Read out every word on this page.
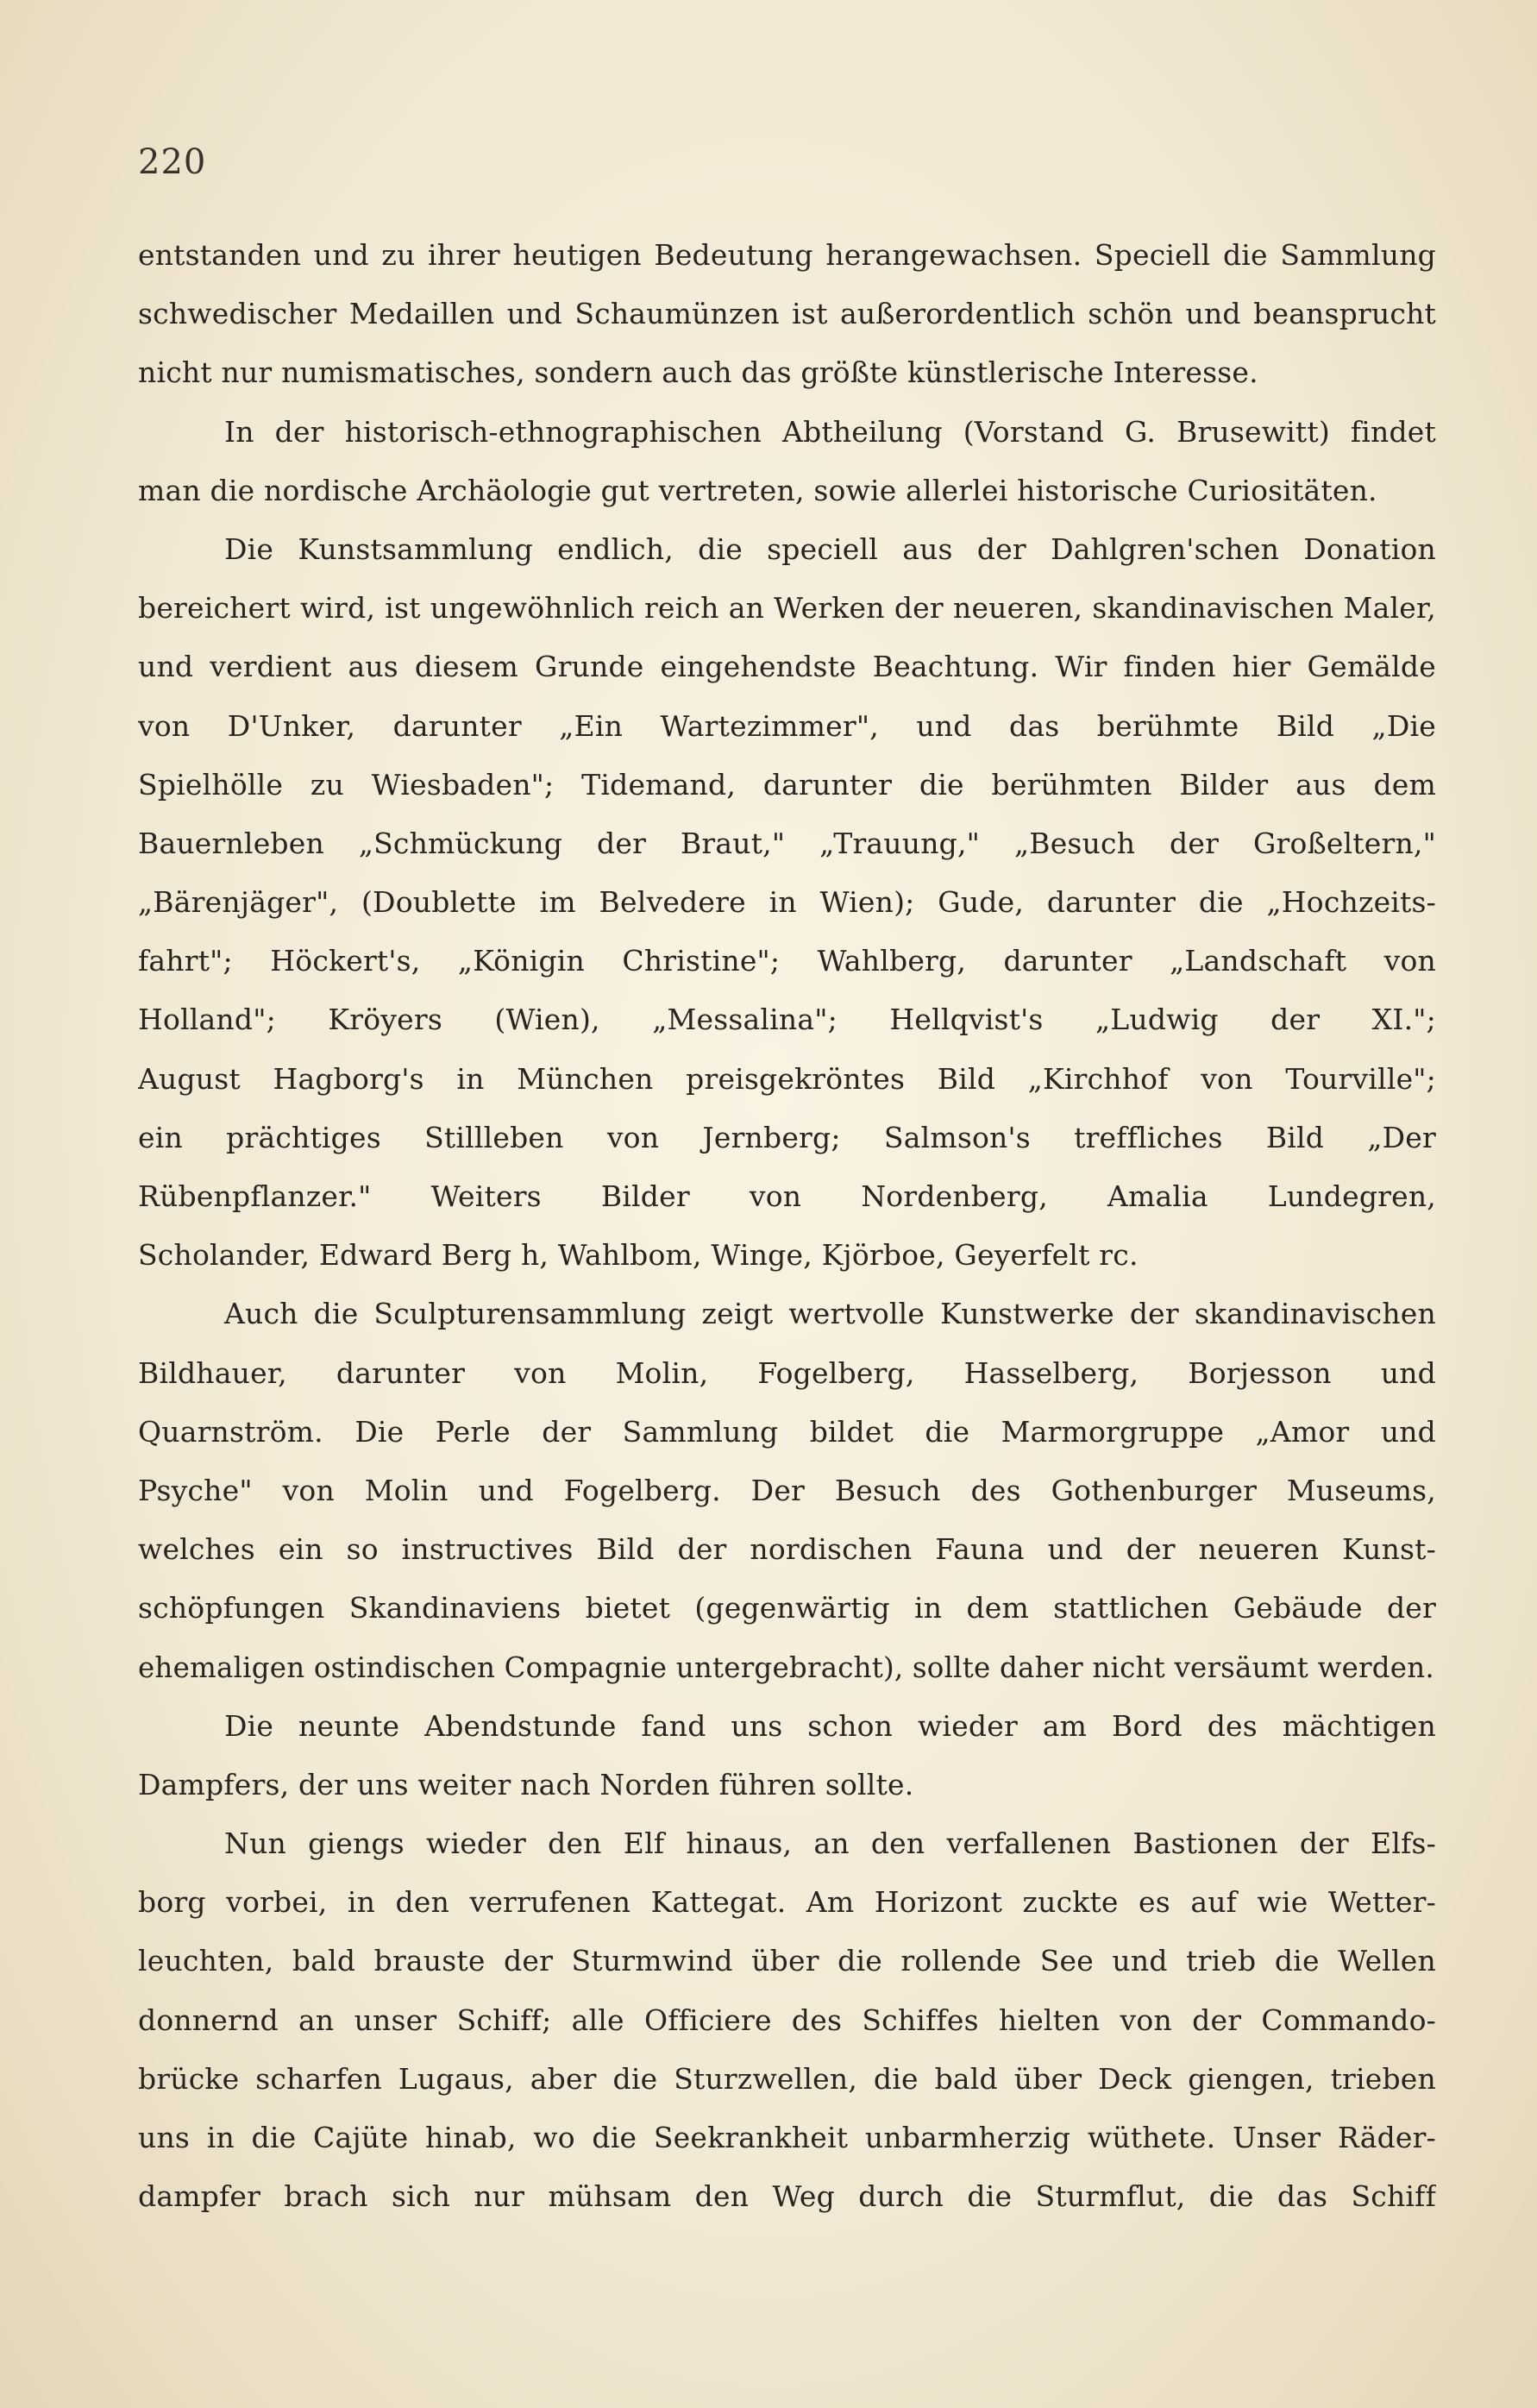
220
entstanden und zu ihrer heutigen Bedeutung herangewachsen. Speciell die Sammlung
schwedischer Medaillen und Schaumünzen ist außerordentlich schön und beansprucht
nicht nur numismatisches, sondern auch das größte künstlerische Interesse.
In der historisch-ethnographischen Abtheilung (Vorstand G. Brusewitt) findet
man die nordische Archäologie gut vertreten, sowie allerlei historische Curiositäten.
Die Kunstsammlung endlich, die speciell aus der Dahlgren'schen Donation
bereichert wird, ist ungewöhnlich reich an Werken der neueren, skandinavischen Maler,
und verdient aus diesem Grunde eingehendste Beachtung. Wir finden hier Gemälde
von D'Unker, darunter „Ein Wartezimmer", und das berühmte Bild „Die
Spielhölle zu Wiesbaden"; Tidemand, darunter die berühmten Bilder aus dem
Bauernleben „Schmückung der Braut," „Trauung," „Besuch der Großeltern,"
„Bärenjäger", (Doublette im Belvedere in Wien); Gude, darunter die „Hochzeits-
fahrt"; Höckert's, „Königin Christine"; Wahlberg, darunter „Landschaft von
Holland"; Kröyers (Wien), „Messalina"; Hellqvist's „Ludwig der XI.";
August Hagborg's in München preisgekröntes Bild „Kirchhof von Tourville";
ein prächtiges Stillleben von Jernberg; Salmson's treffliches Bild „Der
Rübenpflanzer." Weiters Bilder von Nordenberg, Amalia Lundegren,
Scholander, Edward Berg h, Wahlbom, Winge, Kjörboe, Geyerfelt rc.
Auch die Sculpturensammlung zeigt wertvolle Kunstwerke der skandinavischen
Bildhauer, darunter von Molin, Fogelberg, Hasselberg, Borjesson und
Quarnström. Die Perle der Sammlung bildet die Marmorgruppe „Amor und
Psyche" von Molin und Fogelberg. Der Besuch des Gothenburger Museums,
welches ein so instructives Bild der nordischen Fauna und der neueren Kunst-
schöpfungen Skandinaviens bietet (gegenwärtig in dem stattlichen Gebäude der
ehemaligen ostindischen Compagnie untergebracht), sollte daher nicht versäumt werden.
Die neunte Abendstunde fand uns schon wieder am Bord des mächtigen
Dampfers, der uns weiter nach Norden führen sollte.
Nun giengs wieder den Elf hinaus, an den verfallenen Bastionen der Elfs-
borg vorbei, in den verrufenen Kattegat. Am Horizont zuckte es auf wie Wetter-
leuchten, bald brauste der Sturmwind über die rollende See und trieb die Wellen
donnernd an unser Schiff; alle Officiere des Schiffes hielten von der Commando-
brücke scharfen Lugaus, aber die Sturzwellen, die bald über Deck giengen, trieben
uns in die Cajüte hinab, wo die Seekrankheit unbarmherzig wüthete. Unser Räder-
dampfer brach sich nur mühsam den Weg durch die Sturmflut, die das Schiff
